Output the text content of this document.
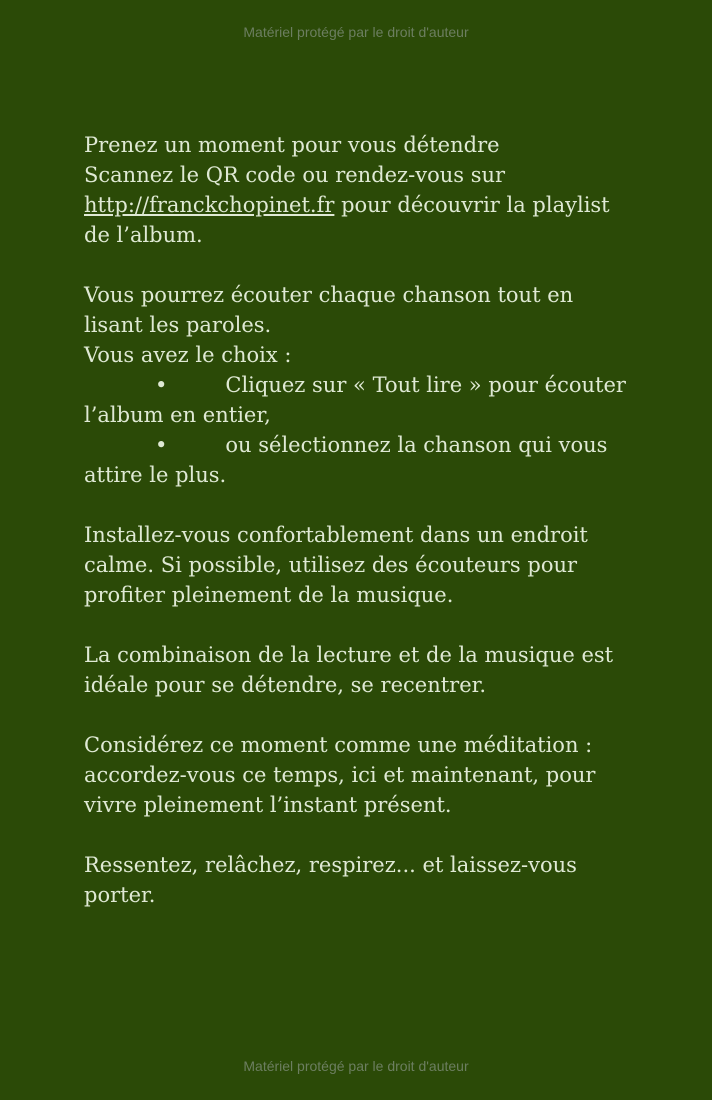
Matériel protégé par le droit d'auteur
Prenez un moment pour vous détendre
Scannez le QR code ou rendez-vous sur
http://franckchopinet.fr pour découvrir la playlist
de l’album.
Vous pourrez écouter chaque chanson tout en
lisant les paroles.
Vous avez le choix :
•	Cliquez sur « Tout lire » pour écouter
l’album en entier,
•	ou sélectionnez la chanson qui vous
attire le plus.
Installez-vous confortablement dans un endroit
calme. Si possible, utilisez des écouteurs pour
profiter pleinement de la musique.
La combinaison de la lecture et de la musique est
idéale pour se détendre, se recentrer.
Considérez ce moment comme une méditation :
accordez-vous ce temps, ici et maintenant, pour
vivre pleinement l’instant présent.
Ressentez, relâchez, respirez... et laissez-vous
porter.
Matériel protégé par le droit d'auteur
